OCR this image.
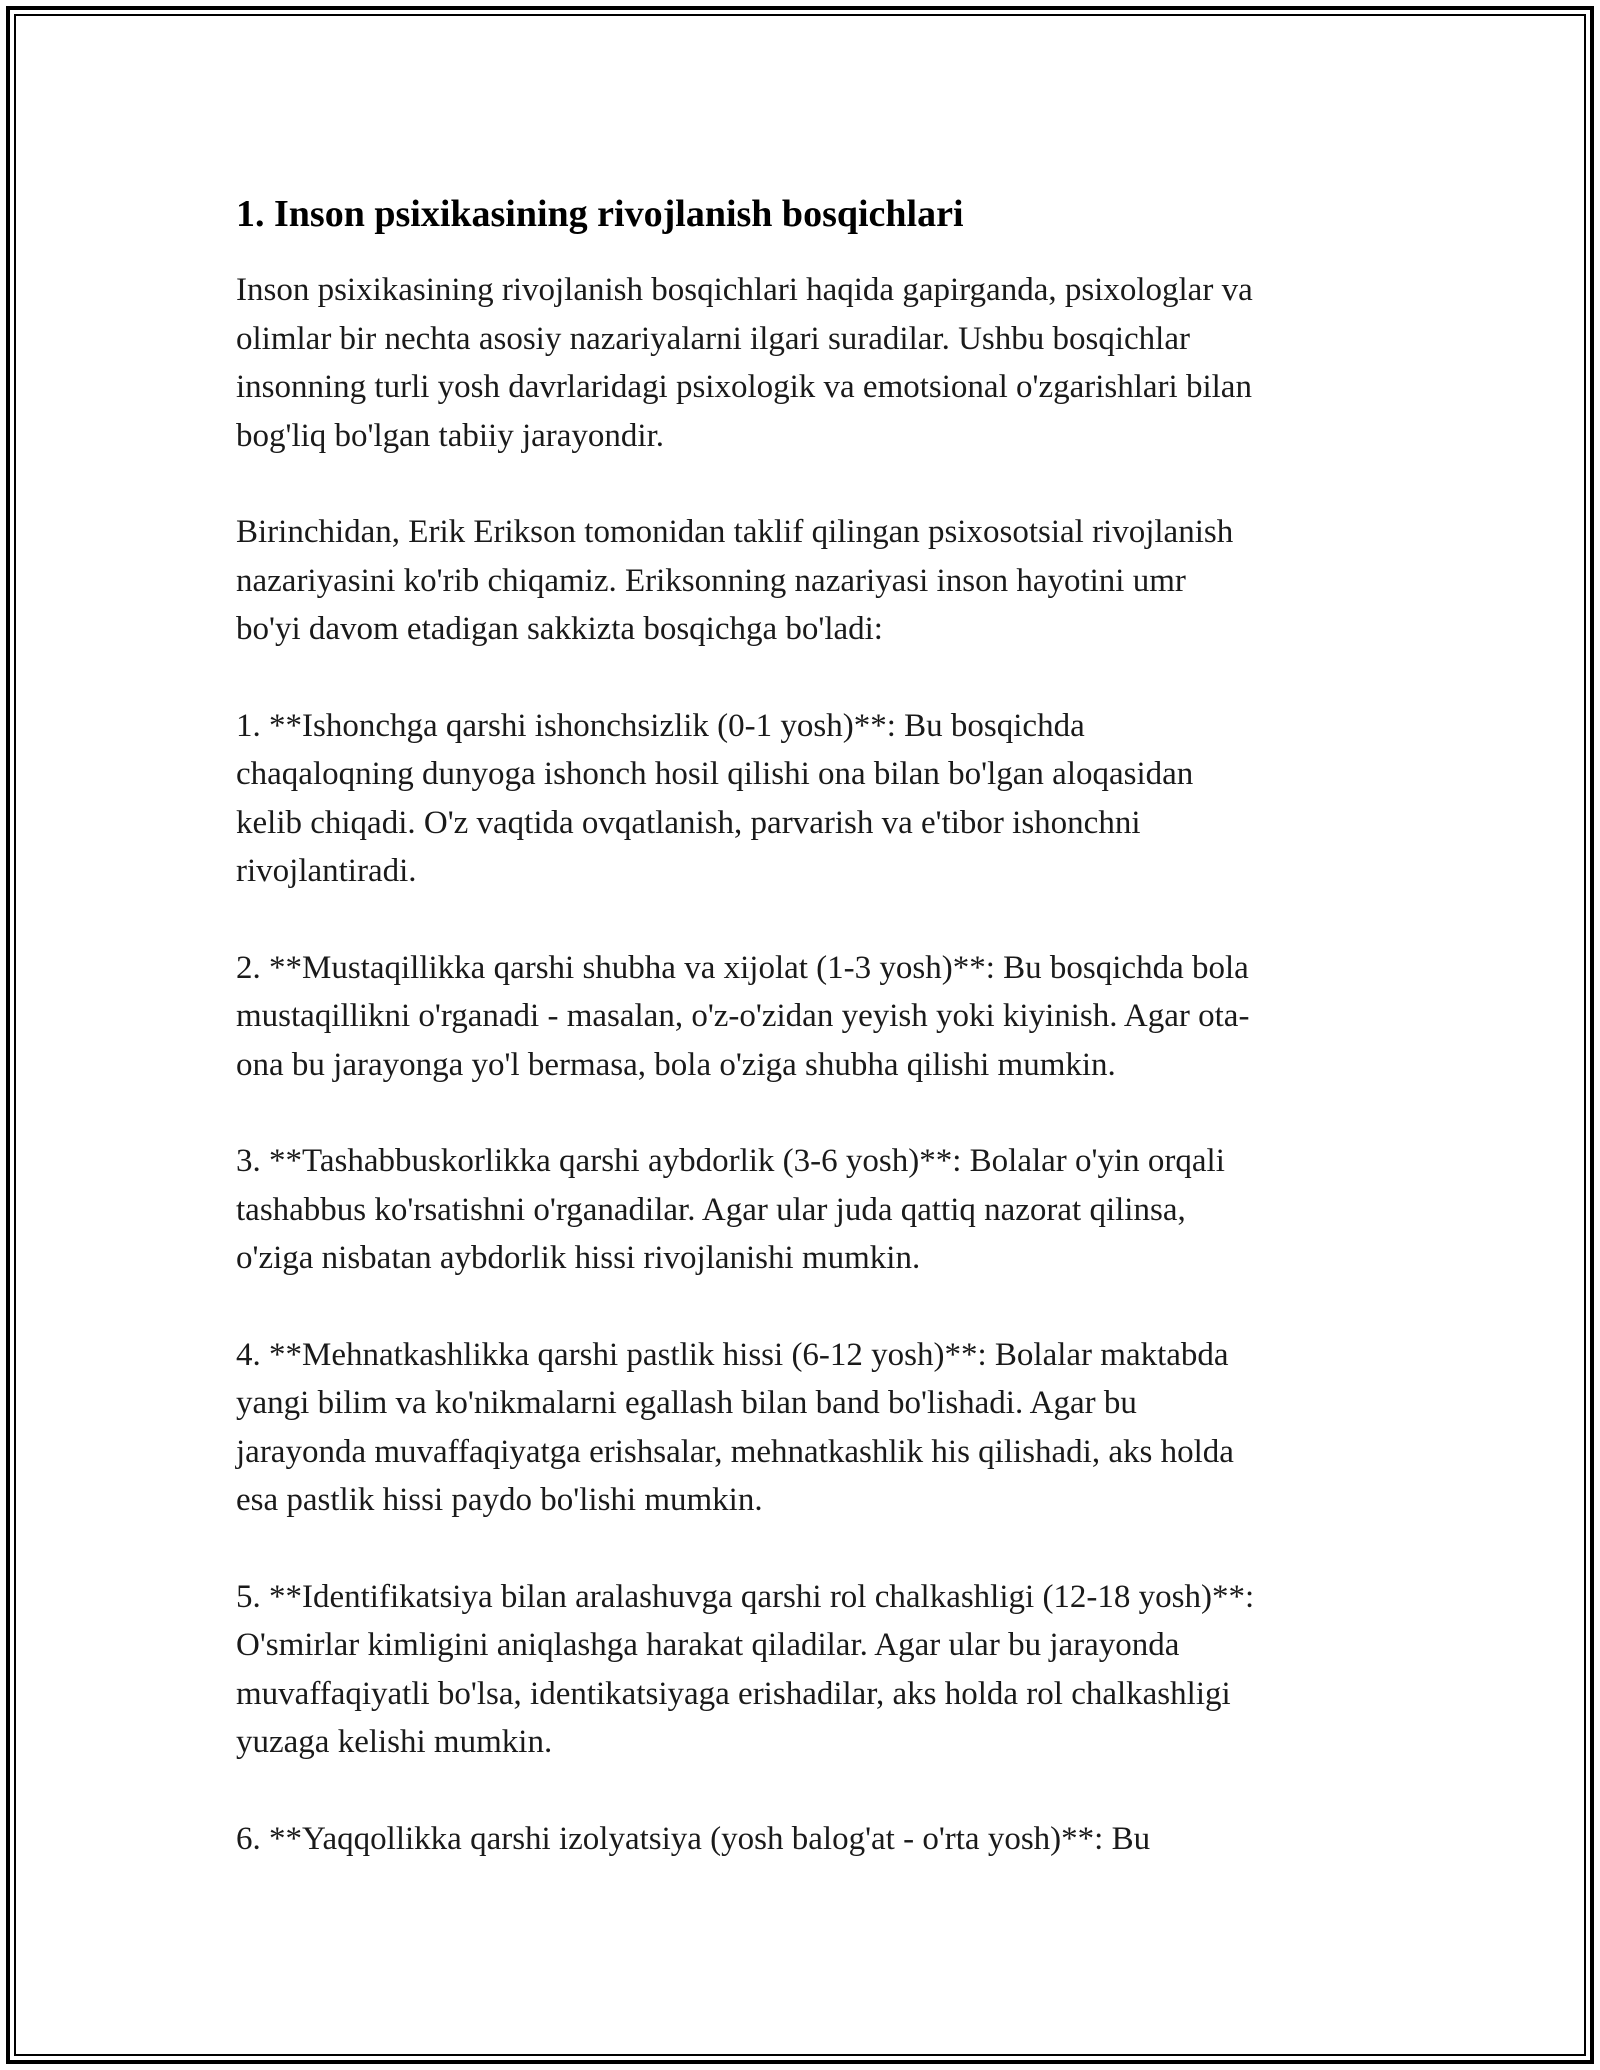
1. Inson psixikasining rivojlanish bosqichlari

Inson psixikasining rivojlanish bosqichlari haqida gapirganda, psixologlar va
olimlar bir nechta asosiy nazariyalarni ilgari suradilar. Ushbu bosqichlar
insonning turli yosh davrlaridagi psixologik va emotsional o'zgarishlari bilan
bog'liq bo'lgan tabiiy jarayondir.

Birinchidan, Erik Erikson tomonidan taklif qilingan psixosotsial rivojlanish
nazariyasini ko'rib chiqamiz. Eriksonning nazariyasi inson hayotini umr
bo'yi davom etadigan sakkizta bosqichga bo'ladi:

1. **Ishonchga qarshi ishonchsizlik (0-1 yosh)**: Bu bosqichda
chaqaloqning dunyoga ishonch hosil qilishi ona bilan bo'lgan aloqasidan
kelib chiqadi. O'z vaqtida ovqatlanish, parvarish va e'tibor ishonchni
rivojlantiradi.

2. **Mustaqillikka qarshi shubha va xijolat (1-3 yosh)**: Bu bosqichda bola
mustaqillikni o'rganadi - masalan, o'z-o'zidan yeyish yoki kiyinish. Agar ota-
ona bu jarayonga yo'l bermasa, bola o'ziga shubha qilishi mumkin.

3. **Tashabbuskorlikka qarshi aybdorlik (3-6 yosh)**: Bolalar o'yin orqali
tashabbus ko'rsatishni o'rganadilar. Agar ular juda qattiq nazorat qilinsa,
o'ziga nisbatan aybdorlik hissi rivojlanishi mumkin.

4. **Mehnatkashlikka qarshi pastlik hissi (6-12 yosh)**: Bolalar maktabda
yangi bilim va ko'nikmalarni egallash bilan band bo'lishadi. Agar bu
jarayonda muvaffaqiyatga erishsalar, mehnatkashlik his qilishadi, aks holda
esa pastlik hissi paydo bo'lishi mumkin.

5. **Identifikatsiya bilan aralashuvga qarshi rol chalkashligi (12-18 yosh)**:
O'smirlar kimligini aniqlashga harakat qiladilar. Agar ular bu jarayonda
muvaffaqiyatli bo'lsa, identikatsiyaga erishadilar, aks holda rol chalkashligi
yuzaga kelishi mumkin.

6. **Yaqqollikka qarshi izolyatsiya (yosh balog'at - o'rta yosh)**: Bu
